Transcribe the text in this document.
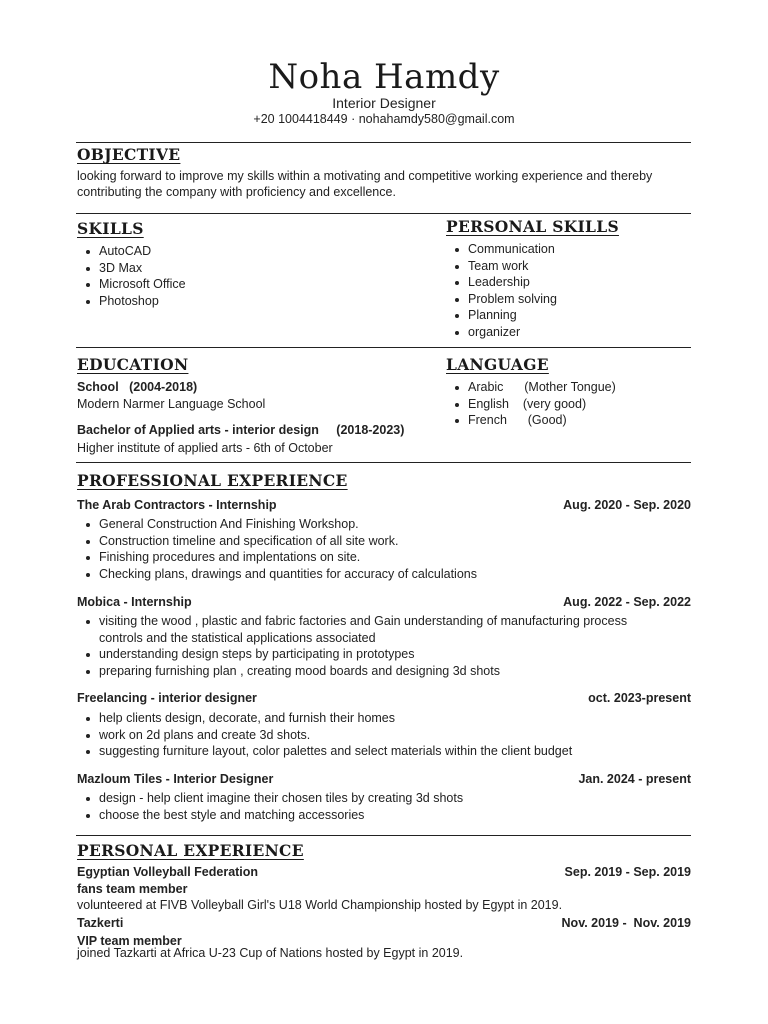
Noha Hamdy
Interior Designer
+20 1004418449 · nohahamdy580@gmail.com
OBJECTIVE
looking forward to improve my skills within a motivating and competitive working experience and thereby
contributing the company with proficiency and excellence.
SKILLS
AutoCAD
3D Max
Microsoft Office
Photoshop
PERSONAL SKILLS
Communication
Team work
Leadership
Problem solving
Planning
organizer
EDUCATION
School   (2004-2018)
Modern Narmer Language School
Bachelor of Applied arts - interior design     (2018-2023)
Higher institute of applied arts - 6th of October
LANGUAGE
Arabic      (Mother Tongue)
English    (very good)
French      (Good)
PROFESSIONAL EXPERIENCE
The Arab Contractors - Internship	Aug. 2020 - Sep. 2020
General Construction And Finishing Workshop.
Construction timeline and specification of all site work.
Finishing procedures and implentations on site.
Checking plans, drawings and quantities for accuracy of calculations
Mobica - Internship	Aug. 2022 - Sep. 2022
visiting the wood , plastic and fabric factories and Gain understanding of manufacturing process
controls and the statistical applications associated
understanding design steps by participating in prototypes
preparing furnishing plan , creating mood boards and designing 3d shots
Freelancing - interior designer	oct. 2023-present
help clients design, decorate, and furnish their homes
work on 2d plans and create 3d shots.
suggesting furniture layout, color palettes and select materials within the client budget
Mazloum Tiles - Interior Designer	Jan. 2024 - present
design - help client imagine their chosen tiles by creating 3d shots
choose the best style and matching accessories
PERSONAL EXPERIENCE
Egyptian Volleyball Federation	Sep. 2019 - Sep. 2019
fans team member
volunteered at FIVB Volleyball Girl's U18 World Championship hosted by Egypt in 2019.
Tazkerti	Nov. 2019 -  Nov. 2019
VIP team member
joined Tazkarti at Africa U-23 Cup of Nations hosted by Egypt in 2019.
